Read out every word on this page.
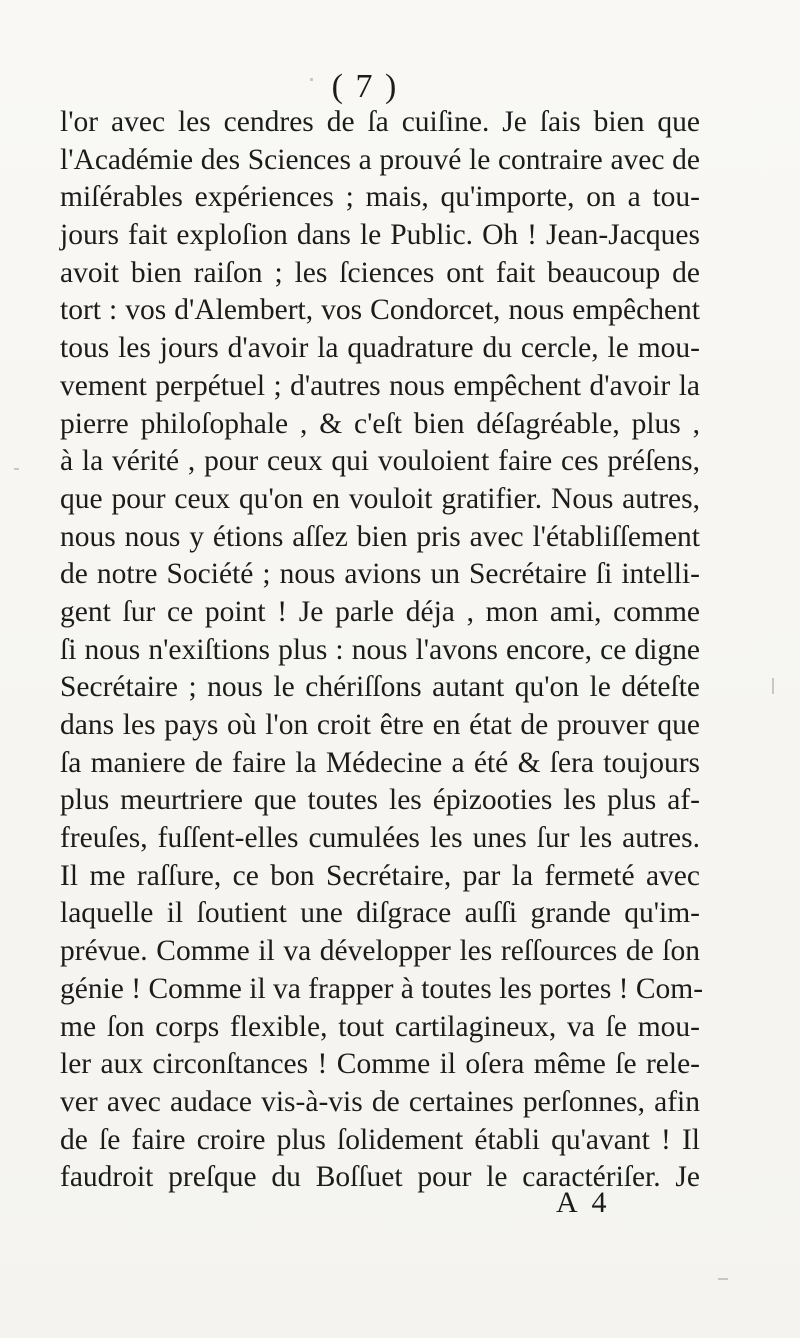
( 7 )
l'or avec les cendres de ſa cuiſine. Je ſais bien que
l'Académie des Sciences a prouvé le contraire avec de
miſérables expériences ; mais, qu'importe, on a tou-
jours fait exploſion dans le Public. Oh ! Jean-Jacques
avoit bien raiſon ; les ſciences ont fait beaucoup de
tort : vos d'Alembert, vos Condorcet, nous empêchent
tous les jours d'avoir la quadrature du cercle, le mou-
vement perpétuel ; d'autres nous empêchent d'avoir la
pierre philoſophale , & c'eſt bien déſagréable, plus ,
à la vérité , pour ceux qui vouloient faire ces préſens,
que pour ceux qu'on en vouloit gratifier. Nous autres,
nous nous y étions aſſez bien pris avec l'établiſſement
de notre Société ; nous avions un Secrétaire ſi intelli-
gent ſur ce point ! Je parle déja , mon ami, comme
ſi nous n'exiſtions plus : nous l'avons encore, ce digne
Secrétaire ; nous le chériſſons autant qu'on le déteſte
dans les pays où l'on croit être en état de prouver que
ſa maniere de faire la Médecine a été & ſera toujours
plus meurtriere que toutes les épizooties les plus af-
freuſes, fuſſent-elles cumulées les unes ſur les autres.
Il me raſſure, ce bon Secrétaire, par la fermeté avec
laquelle il ſoutient une diſgrace auſſi grande qu'im-
prévue. Comme il va développer les reſſources de ſon
génie ! Comme il va frapper à toutes les portes ! Com-
me ſon corps flexible, tout cartilagineux, va ſe mou-
ler aux circonſtances ! Comme il oſera même ſe rele-
ver avec audace vis-à-vis de certaines perſonnes, afin
de ſe faire croire plus ſolidement établi qu'avant ! Il
faudroit preſque du Boſſuet pour le caractériſer. Je
A 4
